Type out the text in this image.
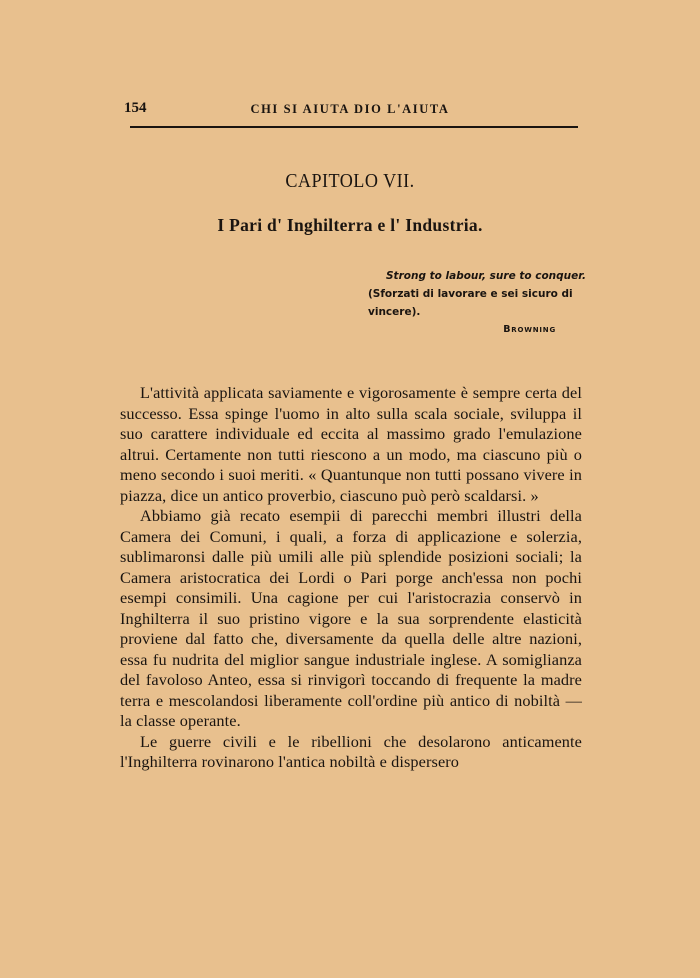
154	CHI SI AIUTA DIO L'AIUTA
CAPITOLO VII.
I Pari d' Inghilterra e l' Industria.
Strong to labour, sure to conquer.
(Sforzati di lavorare e sei sicuro di vincere).
Browning

L'attività applicata saviamente e vigorosamente è sempre certa del successo. Essa spinge l'uomo in alto sulla scala sociale, sviluppa il suo carattere individuale ed eccita al massimo grado l'emulazione altrui. Certamente non tutti riescono a un modo, ma ciascuno più o meno secondo i suoi meriti. « Quantunque non tutti possano vivere in piazza, dice un antico proverbio, ciascuno può però scaldarsi. »

Abbiamo già recato esempii di parecchi membri illustri della Camera dei Comuni, i quali, a forza di applicazione e solerzia, sublimaronsi dalle più umili alle più splendide posizioni sociali; la Camera aristocratica dei Lordi o Pari porge anch'essa non pochi esempi consimili. Una cagione per cui l'aristocrazia conservò in Inghilterra il suo pristino vigore e la sua sorprendente elasticità proviene dal fatto che, diversamente da quella delle altre nazioni, essa fu nudrita del miglior sangue industriale inglese. A somiglianza del favoloso Anteo, essa si rinvigorì toccando di frequente la madre terra e mescolandosi liberamente coll'ordine più antico di nobiltà — la classe operante.

Le guerre civili e le ribellioni che desolarono anticamente l'Inghilterra rovinarono l'antica nobiltà e dispersero
